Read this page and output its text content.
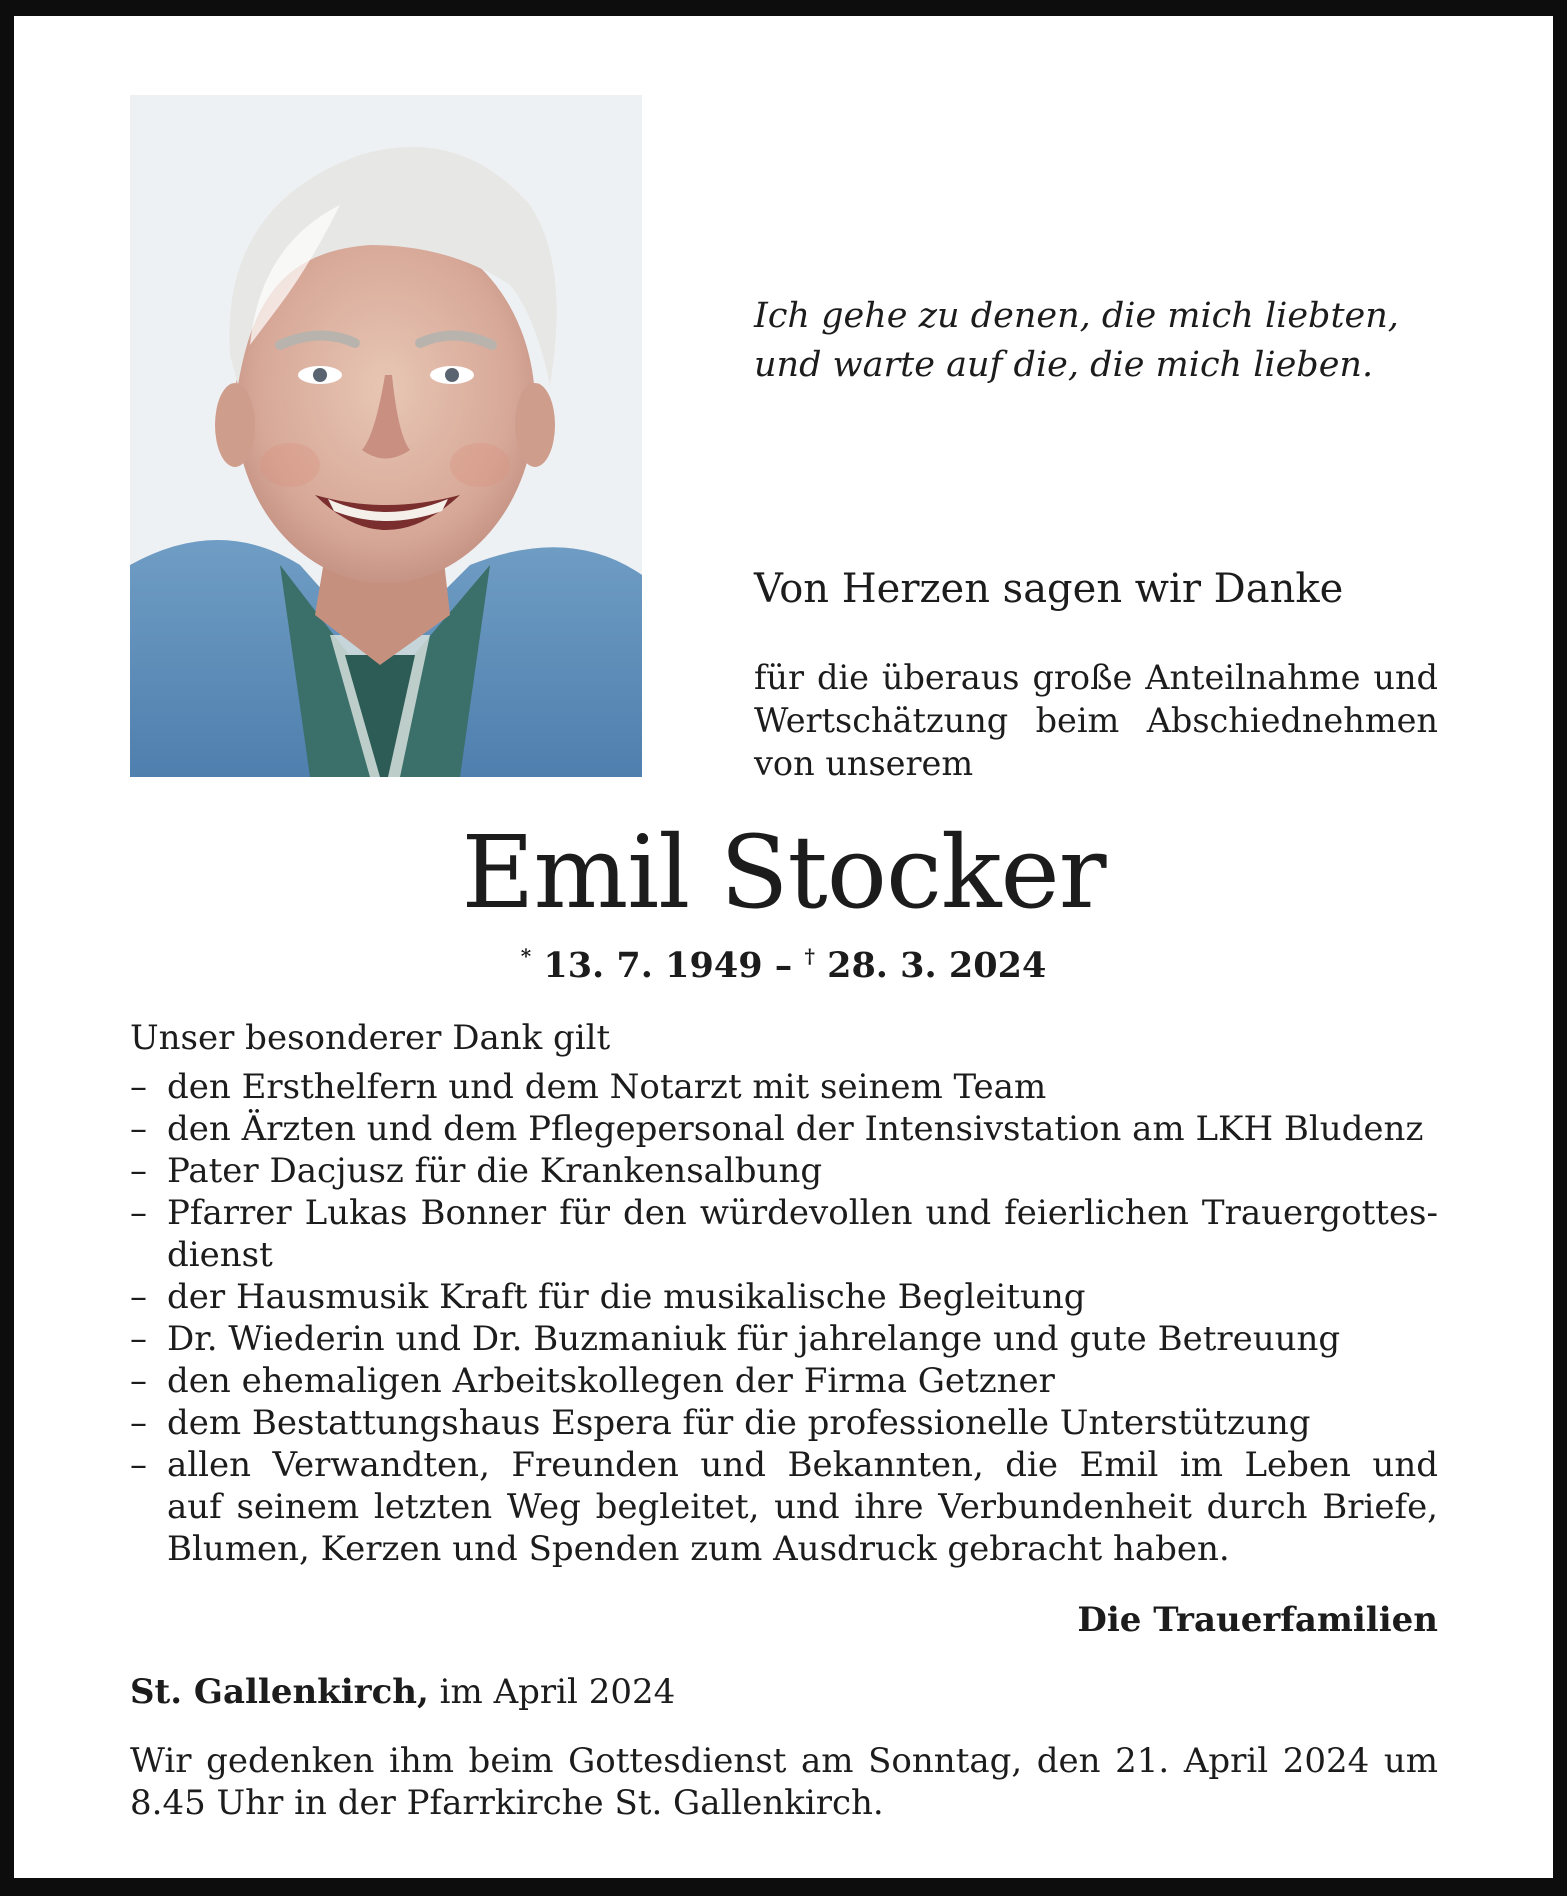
Ich gehe zu denen, die mich liebten,
und warte auf die, die mich lieben.

Von Herzen sagen wir Danke

für die überaus große Anteilnahme und
Wertschätzung beim Abschiednehmen
von unserem

Emil Stocker

* 13. 7. 1949 – † 28. 3. 2024

Unser besonderer Dank gilt

– den Ersthelfern und dem Notarzt mit seinem Team
– den Ärzten und dem Pflegepersonal der Intensivstation am LKH Bludenz
– Pater Dacjusz für die Krankensalbung
– Pfarrer Lukas Bonner für den würdevollen und feierlichen Trauergottes-
dienst
– der Hausmusik Kraft für die musikalische Begleitung
– Dr. Wiederin und Dr. Buzmaniuk für jahrelange und gute Betreuung
– den ehemaligen Arbeitskollegen der Firma Getzner
– dem Bestattungshaus Espera für die professionelle Unterstützung
– allen Verwandten, Freunden und Bekannten, die Emil im Leben und
auf seinem letzten Weg begleitet, und ihre Verbundenheit durch Briefe,
Blumen, Kerzen und Spenden zum Ausdruck gebracht haben.

Die Trauerfamilien

St. Gallenkirch, im April 2024

Wir gedenken ihm beim Gottesdienst am Sonntag, den 21. April 2024 um
8.45 Uhr in der Pfarrkirche St. Gallenkirch.
